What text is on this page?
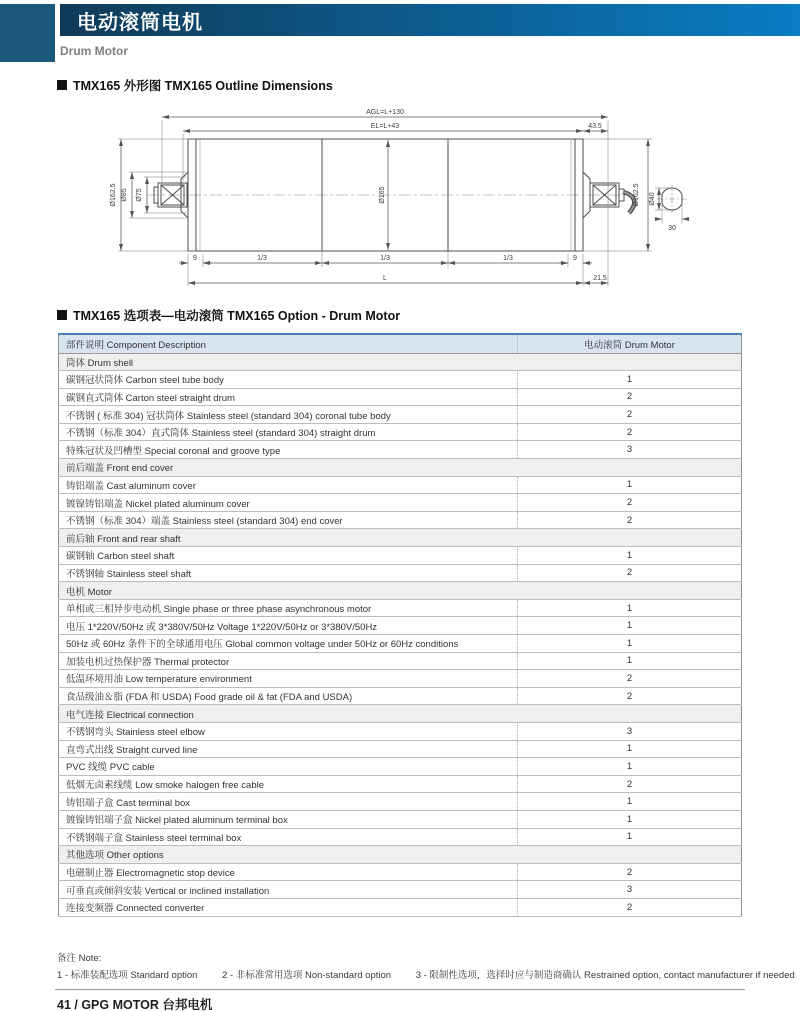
电动滚筒电机
Drum Motor
TMX165 外形图 TMX165 Outline Dimensions
AGL=L+130
EL=L+43	43.5
Ø162.5 Ø85 Ø75	Ø165	Ø162.5 Ø40
30
9	1/3	1/3	1/3	9
L	21.5
TMX165 选项表—电动滚筒 TMX165 Option - Drum Motor
部件说明 Component Description	电动滚筒 Drum Motor
筒体 Drum shell	
碳钢冠状筒体 Carbon steel tube body	1
碳钢直式筒体 Carton steel straight drum	2
不锈钢 ( 标准 304) 冠状筒体 Stainless steel (standard 304) coronal tube body	2
不锈钢（标准 304）直式筒体 Stainless steel (standard 304) straight drum	2
特殊冠状及凹槽型 Special coronal and groove type	3
前后端盖 Front end cover	
铸铝端盖 Cast aluminum cover	1
镀镍铸铝端盖 Nickel plated aluminum cover	2
不锈钢（标准 304）端盖 Stainless steel (standard 304) end cover	2
前后轴 Front and rear shaft	
碳钢轴 Carbon steel shaft	1
不锈钢轴 Stainless steel shaft	2
电机 Motor	
单相或三相异步电动机 Single phase or three phase asynchronous motor	1
电压 1*220V/50Hz 或 3*380V/50Hz Voltage 1*220V/50Hz or 3*380V/50Hz	1
50Hz 或 60Hz 条件下的全球通用电压 Global common voltage under 50Hz or 60Hz conditions	1
加装电机过热保护器 Thermal protector	1
低温环境用油 Low temperature environment	2
食品级油＆脂 (FDA 和 USDA) Food grade oil & fat (FDA and USDA)	2
电气连接 Electrical connection	
不锈钢弯头 Stainless steel elbow	3
直弯式出线 Straight curved line	1
PVC 线缆 PVC cable	1
低烟无卤素线缆 Low smoke halogen free cable	2
铸铝端子盒 Cast terminal box	1
镀镍铸铝端子盒 Nickel plated aluminum terminal box	1
不锈钢端子盒 Stainless steel terminal box	1
其他选项 Other options	
电磁制止器 Electromagnetic stop device	2
可垂直或倾斜安装 Vertical or inclined installation	3
连接变频器 Connected converter	2
备注 Note:
1 - 标准装配选项 Standard option	2 - 非标准常用选项 Non-standard option	3 - 限制性选项，选择时应与制造商确认 Restrained option, contact manufacturer if needed
41 / GPG MOTOR 台邦电机
